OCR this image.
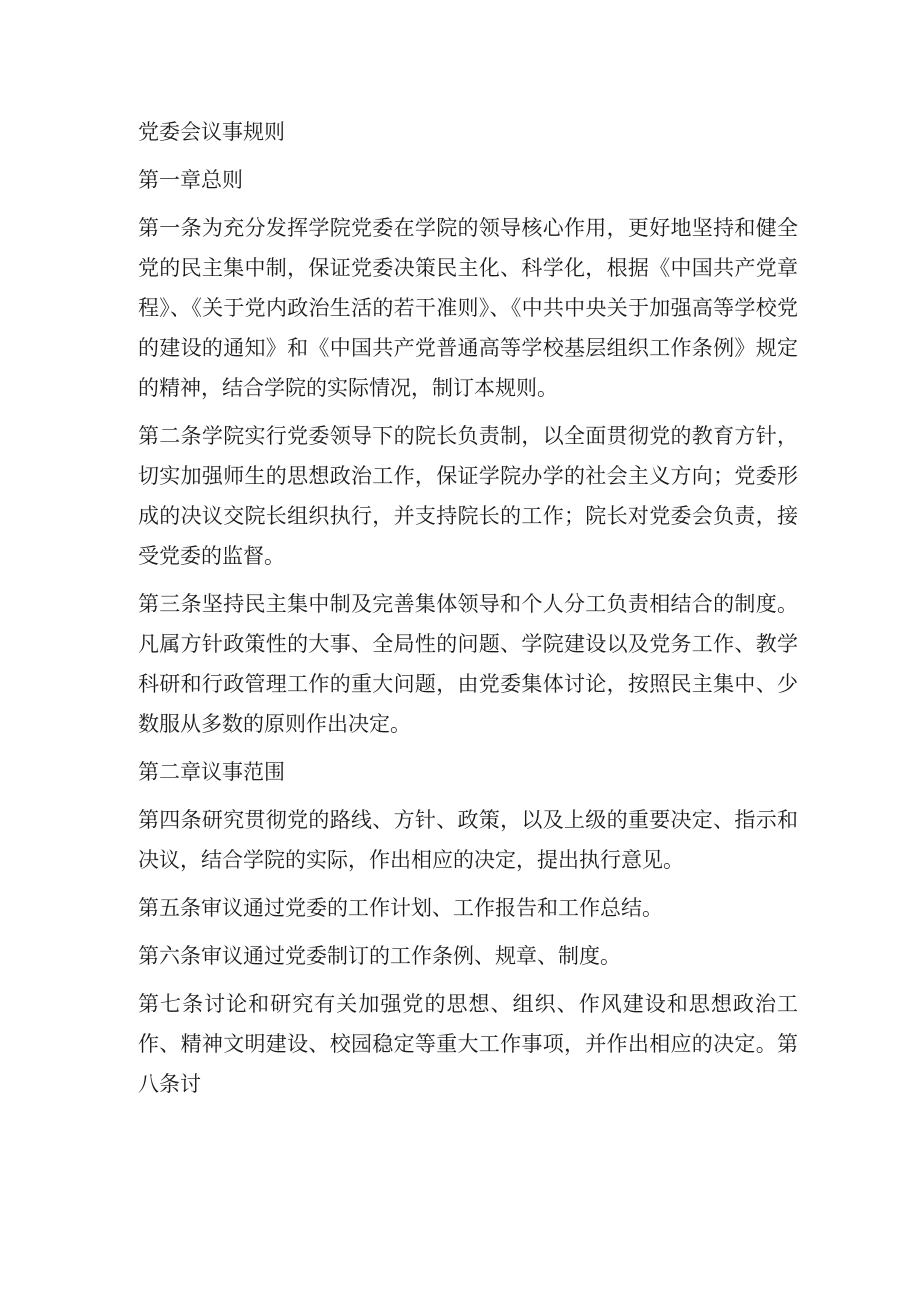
党委会议事规则

第一章总则

第一条为充分发挥学院党委在学院的领导核心作用，更好地坚持和健全党的民主集中制，保证党委决策民主化、科学化，根据《中国共产党章程》、《关于党内政治生活的若干准则》、《中共中央关于加强高等学校党的建设的通知》和《中国共产党普通高等学校基层组织工作条例》规定的精神，结合学院的实际情况，制订本规则。

第二条学院实行党委领导下的院长负责制，以全面贯彻党的教育方针，切实加强师生的思想政治工作，保证学院办学的社会主义方向；党委形成的决议交院长组织执行，并支持院长的工作；院长对党委会负责，接受党委的监督。

第三条坚持民主集中制及完善集体领导和个人分工负责相结合的制度。凡属方针政策性的大事、全局性的问题、学院建设以及党务工作、教学科研和行政管理工作的重大问题，由党委集体讨论，按照民主集中、少数服从多数的原则作出决定。

第二章议事范围

第四条研究贯彻党的路线、方针、政策，以及上级的重要决定、指示和决议，结合学院的实际，作出相应的决定，提出执行意见。

第五条审议通过党委的工作计划、工作报告和工作总结。

第六条审议通过党委制订的工作条例、规章、制度。

第七条讨论和研究有关加强党的思想、组织、作风建设和思想政治工作、精神文明建设、校园稳定等重大工作事项，并作出相应的决定。第八条讨
